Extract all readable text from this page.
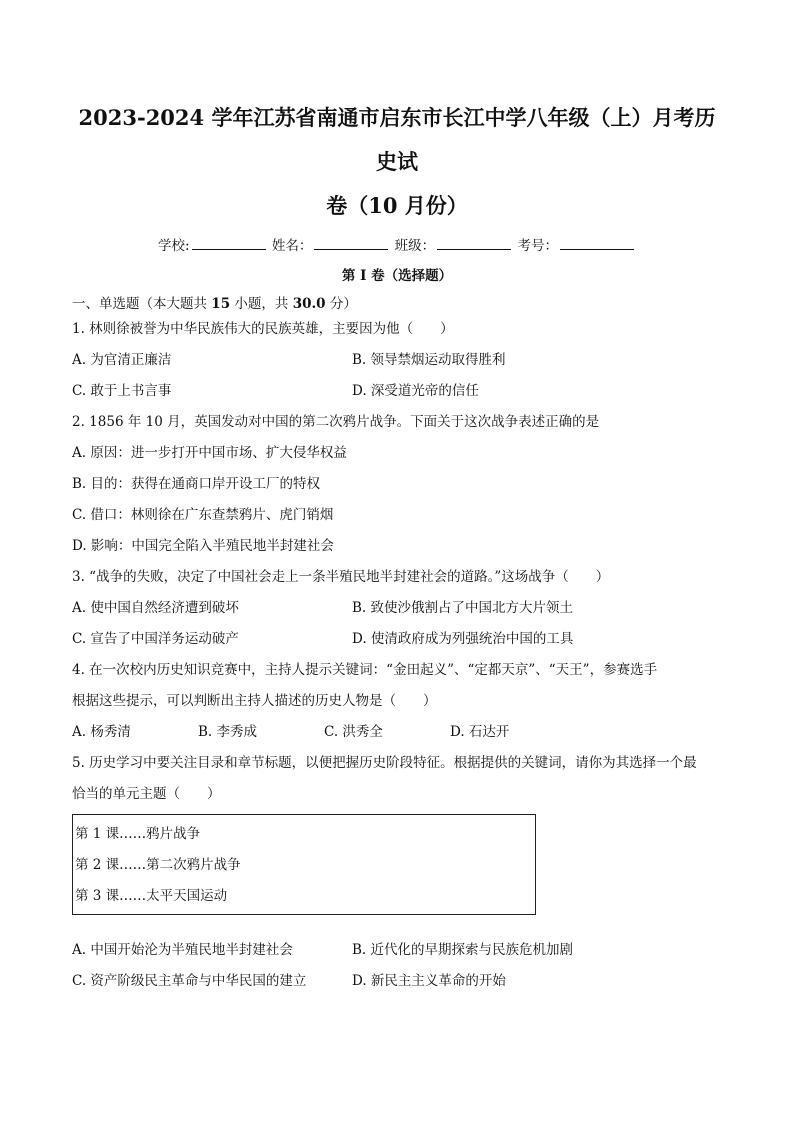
2023-2024 学年江苏省南通市启东市长江中学八年级（上）月考历史试
卷（10 月份）
学校:	姓名：	班级：	考号：
第 I 卷（选择题）
一、单选题（本大题共 15 小题，共 30.0 分）

1. 林则徐被誉为中华民族伟大的民族英雄，主要因为他（　　）

A. 为官清正廉洁	B. 领导禁烟运动取得胜利
C. 敢于上书言事	D. 深受道光帝的信任

2. 1856 年 10 月，英国发动对中国的第二次鸦片战争。下面关于这次战争表述正确的是

A. 原因：进一步打开中国市场、扩大侵华权益
B. 目的：获得在通商口岸开设工厂的特权
C. 借口：林则徐在广东查禁鸦片、虎门销烟
D. 影响：中国完全陷入半殖民地半封建社会

3. “战争的失败，决定了中国社会走上一条半殖民地半封建社会的道路。”这场战争（　　）

A. 使中国自然经济遭到破坏	B. 致使沙俄割占了中国北方大片领土
C. 宣告了中国洋务运动破产	D. 使清政府成为列强统治中国的工具

4. 在一次校内历史知识竞赛中，主持人提示关键词：“金田起义”、“定都天京”、“天王”，参赛选手

根据这些提示，可以判断出主持人描述的历史人物是（　　）

A. 杨秀清	B. 李秀成	C. 洪秀全	D. 石达开

5. 历史学习中要关注目录和章节标题，以便把握历史阶段特征。根据提供的关键词，请你为其选择一个最

恰当的单元主题（　　）

第 1 课……鸦片战争
第 2 课……第二次鸦片战争
第 3 课……太平天国运动
A. 中国开始沦为半殖民地半封建社会	B. 近代化的早期探索与民族危机加剧
C. 资产阶级民主革命与中华民国的建立	D. 新民主主义革命的开始
